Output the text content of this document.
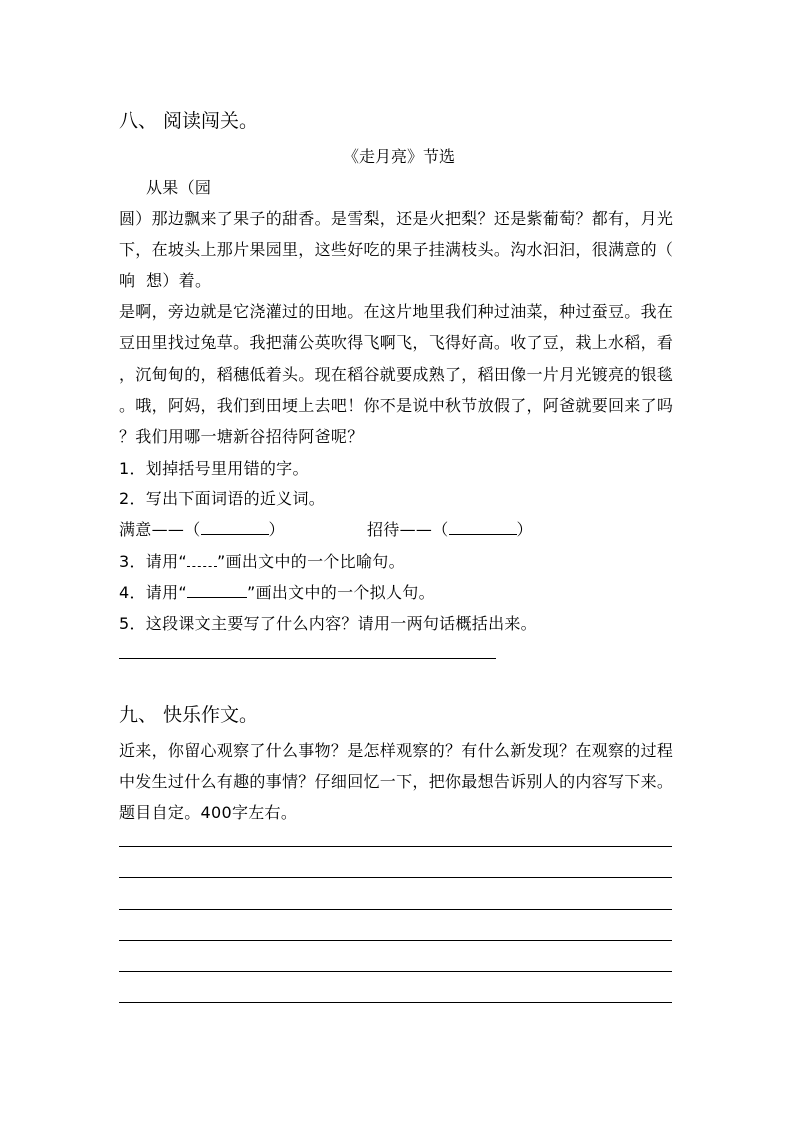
八、 阅读闯关。
《走月亮》节选
从果（园
圆）那边飘来了果子的甜香。是雪梨，还是火把梨？还是紫葡萄？都有，月光
下，在坡头上那片果园里，这些好吃的果子挂满枝头。沟水汩汩，很满意的（
响  想）着。
是啊，旁边就是它浇灌过的田地。在这片地里我们种过油菜，种过蚕豆。我在
豆田里找过兔草。我把蒲公英吹得飞啊飞，飞得好高。收了豆，栽上水稻，看
，沉甸甸的，稻穗低着头。现在稻谷就要成熟了，稻田像一片月光镀亮的银毯
。哦，阿妈，我们到田埂上去吧！你不是说中秋节放假了，阿爸就要回来了吗
？我们用哪一塘新谷招待阿爸呢？
1．划掉括号里用错的字。
2．写出下面词语的近义词。
满意——（	）	招待——（	）
3．请用“ ”画出文中的一个比喻句。
4．请用“	”画出文中的一个拟人句。
5．这段课文主要写了什么内容？请用一两句话概括出来。
九、 快乐作文。
近来，你留心观察了什么事物？是怎样观察的？有什么新发现？在观察的过程
中发生过什么有趣的事情？仔细回忆一下，把你最想告诉别人的内容写下来。
题目自定。400字左右。
